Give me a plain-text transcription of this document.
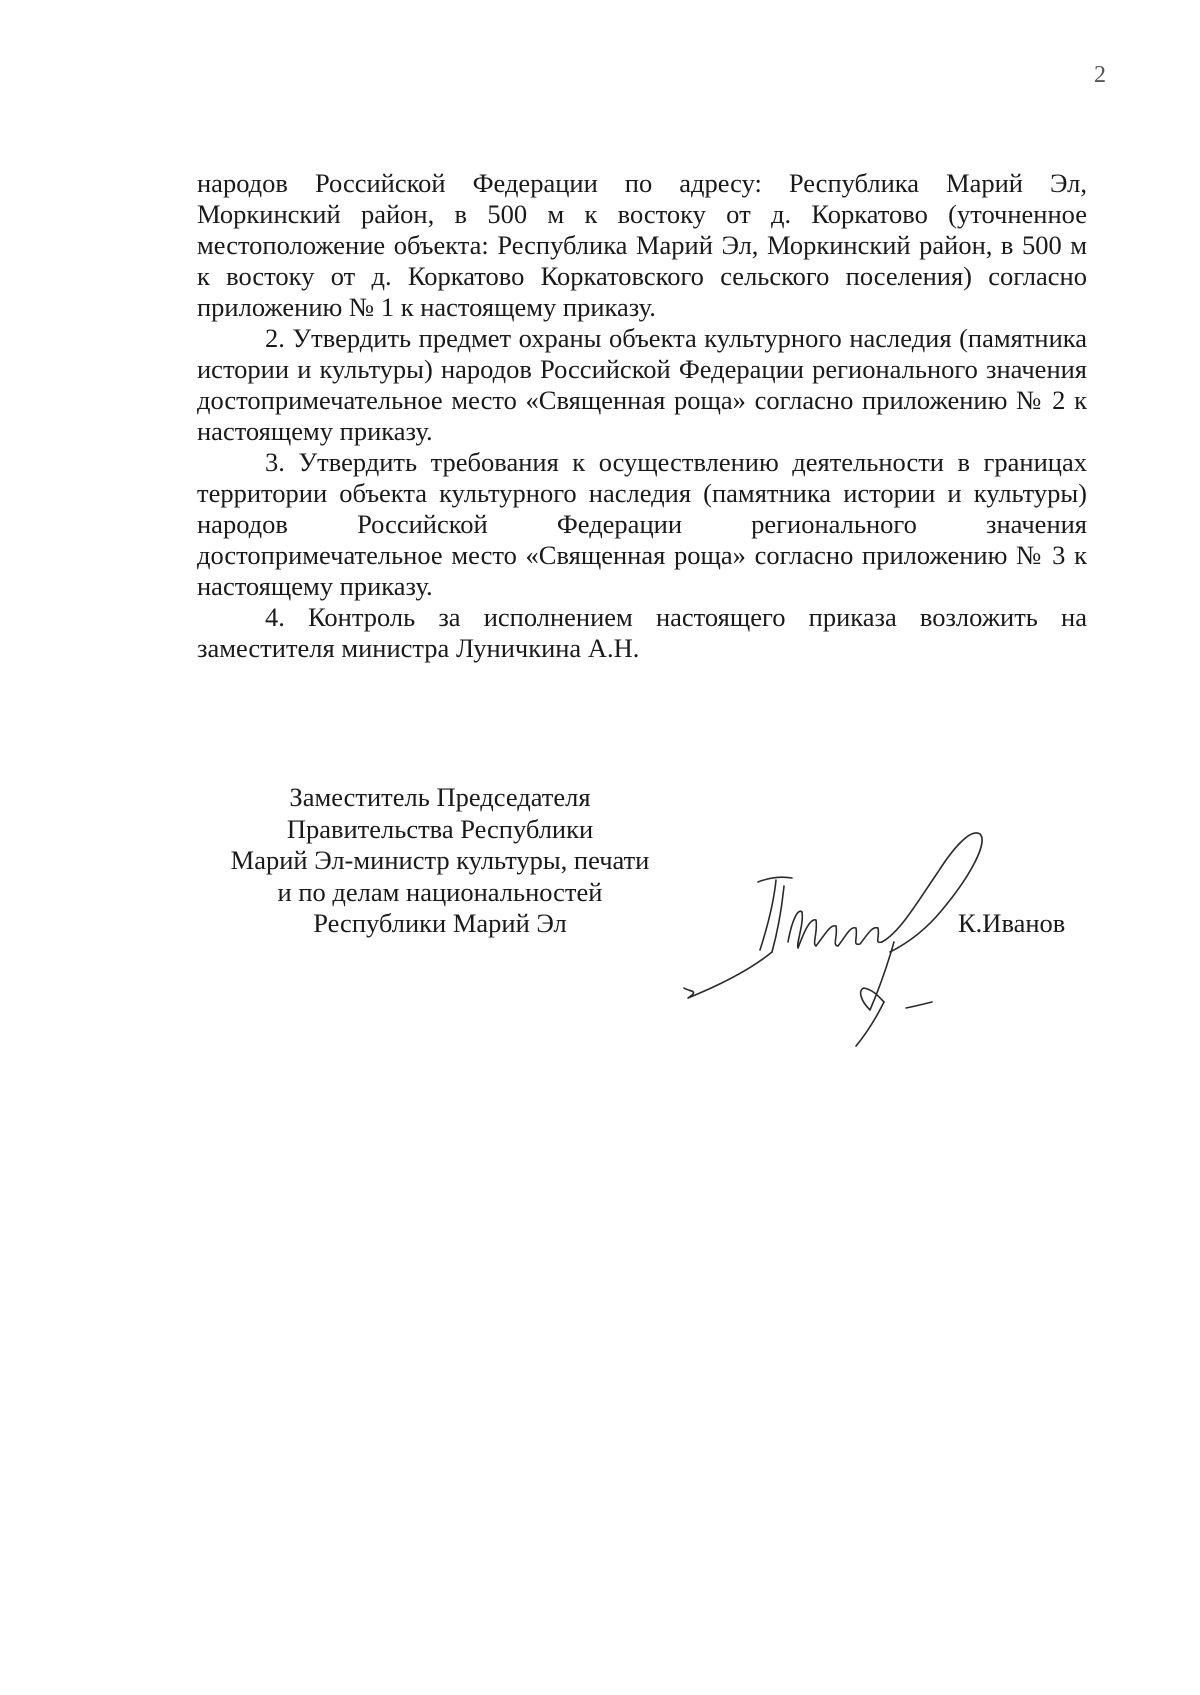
2

народов Российской Федерации по адресу: Республика Марий Эл, Моркинский район, в 500 м к востоку от д. Коркатово (уточненное местоположение объекта: Республика Марий Эл, Моркинский район, в 500 м к востоку от д. Коркатово Коркатовского сельского поселения) согласно приложению № 1 к настоящему приказу.

2. Утвердить предмет охраны объекта культурного наследия (памятника истории и культуры) народов Российской Федерации регионального значения достопримечательное место «Священная роща» согласно приложению № 2 к настоящему приказу.

3. Утвердить требования к осуществлению деятельности в границах территории объекта культурного наследия (памятника истории и культуры) народов Российской Федерации регионального значения достопримечательное место «Священная роща» согласно приложению № 3 к настоящему приказу.

4. Контроль за исполнением настоящего приказа возложить на заместителя министра Луничкина А.Н.

Заместитель Председателя
Правительства Республики
Марий Эл-министр культуры, печати
и по делам национальностей
Республики Марий Эл	К.Иванов
